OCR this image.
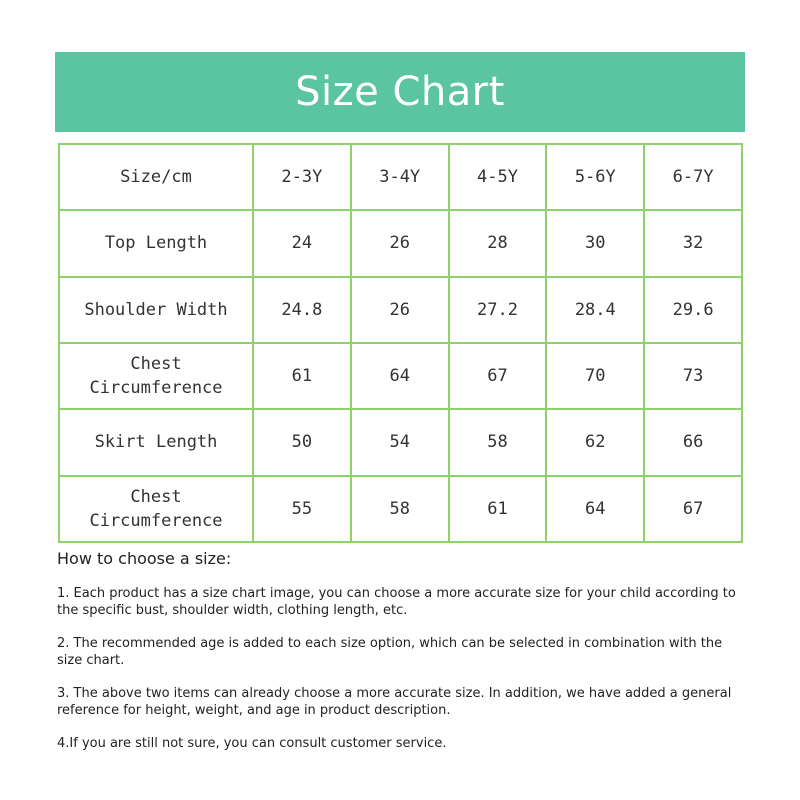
Size Chart
Size/cm	2-3Y	3-4Y	4-5Y	5-6Y	6-7Y
Top Length	24	26	28	30	32
Shoulder Width	24.8	26	27.2	28.4	29.6
Chest Circumference	61	64	67	70	73
Skirt Length	50	54	58	62	66
Chest Circumference	55	58	61	64	67
How to choose a size:

1. Each product has a size chart image, you can choose a more accurate size for your child according to the specific bust, shoulder width, clothing length, etc.

2. The recommended age is added to each size option, which can be selected in combination with the size chart.

3. The above two items can already choose a more accurate size. In addition, we have added a general reference for height, weight, and age in product description.

4.If you are still not sure, you can consult customer service.
